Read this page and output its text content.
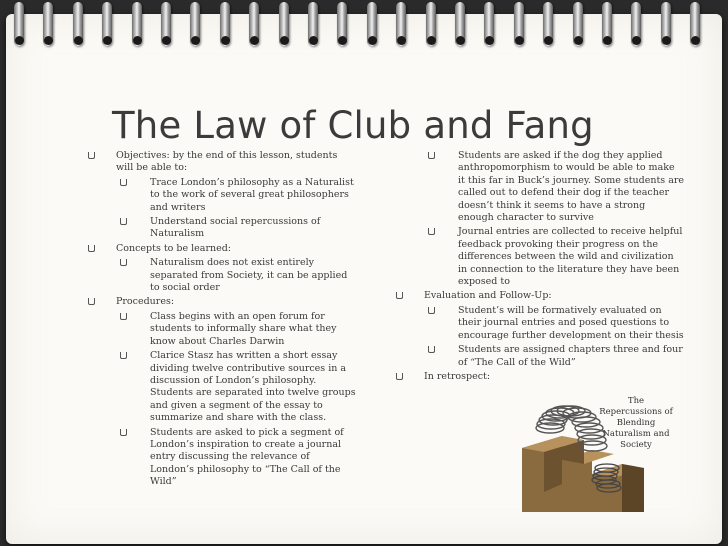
The Law of Club and Fang
Objectives: by the end of this lesson, students will be able to:
Trace London’s philosophy as a Naturalist to the work of several great philosophers and writers
Understand social repercussions of Naturalism
Concepts to be learned:
Naturalism does not exist entirely separated from Society, it can be applied to social order
Procedures:
Class begins with an open forum for students to informally share what they know about Charles Darwin
Clarice Stasz has written a short essay dividing twelve contributive sources in a discussion of London’s philosophy. Students are separated into twelve groups and given a segment of the essay to summarize and share with the class.
Students are asked to pick a segment of London’s inspiration to create a journal entry discussing the relevance of London’s philosophy to “The Call of the Wild”
Students are asked if the dog they applied anthropomorphism to would be able to make it this far in Buck’s journey. Some students are called out to defend their dog if the teacher doesn’t think it seems to have a strong enough character to survive
Journal entries are collected to receive helpful feedback provoking their progress on the differences between the wild and civilization in connection to the literature they have been exposed to
Evaluation and Follow-Up:
Student’s will be formatively evaluated on their journal entries and posed questions to encourage further development on their thesis
Students are assigned chapters three and four of “The Call of the Wild”
In retrospect:
The Repercussions of Blending Naturalism and Society
